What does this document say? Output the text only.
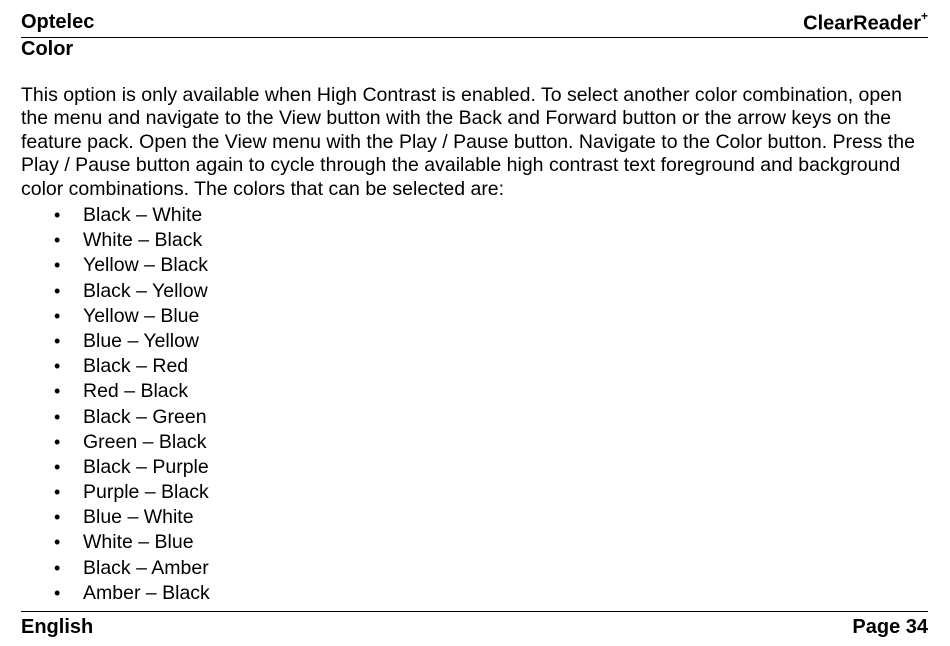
Optelec	ClearReader+
Color
This option is only available when High Contrast is enabled. To select another color combination, open the menu and navigate to the View button with the Back and Forward button or the arrow keys on the feature pack. Open the View menu with the Play / Pause button. Navigate to the Color button. Press the Play / Pause button again to cycle through the available high contrast text foreground and background color combinations. The colors that can be selected are:
• Black – White
• White – Black
• Yellow – Black
• Black – Yellow
• Yellow – Blue
• Blue – Yellow
• Black – Red
• Red – Black
• Black – Green
• Green – Black
• Black – Purple
• Purple – Black
• Blue – White
• White – Blue
• Black – Amber
• Amber – Black
English	Page 34
